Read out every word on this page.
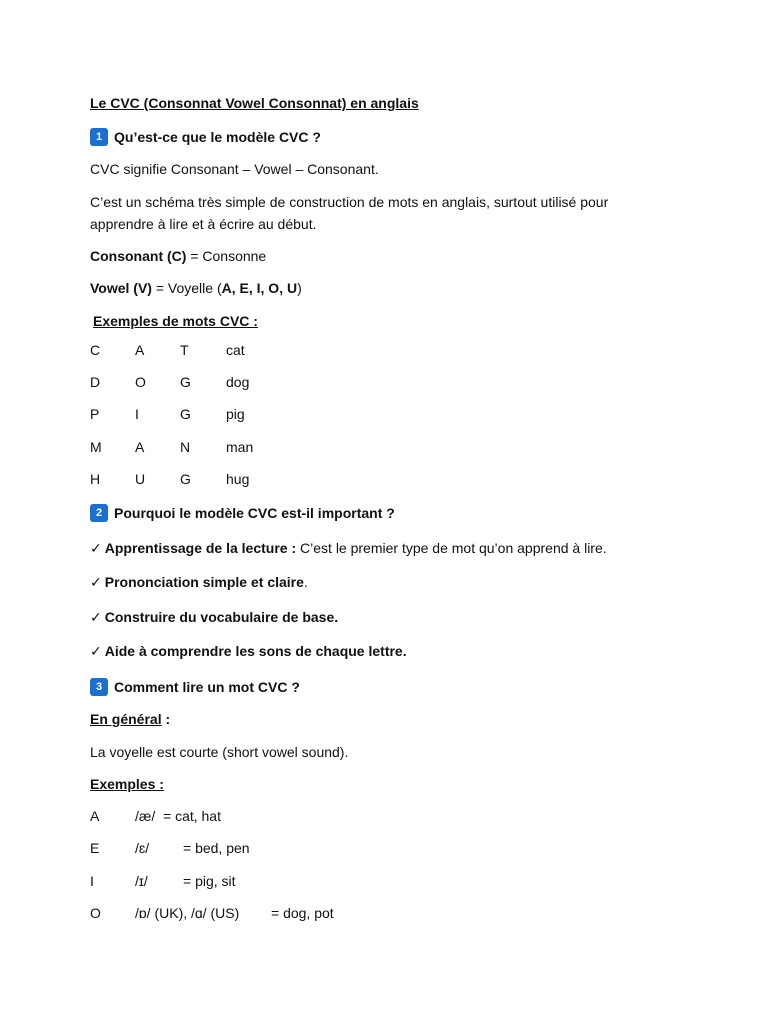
Le CVC (Consonnat Vowel Consonnat) en anglais
1 Qu’est-ce que le modèle CVC ?
CVC signifie Consonant – Vowel – Consonant.
C’est un schéma très simple de construction de mots en anglais, surtout utilisé pour
apprendre à lire et à écrire au début.
Consonant (C) = Consonne
Vowel (V) = Voyelle (A, E, I, O, U)
Exemples de mots CVC :
C A	T	cat
D O G	dog
P	I	G	pig
M A	N	man
H U G	hug
2 Pourquoi le modèle CVC est-il important ?
✓ Apprentissage de la lecture : C’est le premier type de mot qu’on apprend à lire.
✓ Prononciation simple et claire.
✓ Construire du vocabulaire de base.
✓ Aide à comprendre les sons de chaque lettre.
3 Comment lire un mot CVC ?
En général :
La voyelle est courte (short vowel sound).
Exemples :
A	/æ/ = cat, hat
E	/ɛ/ = bed, pen
I	/ɪ/	= pig, sit
O /ɒ/ (UK), /ɑ/ (US) = dog, pot
